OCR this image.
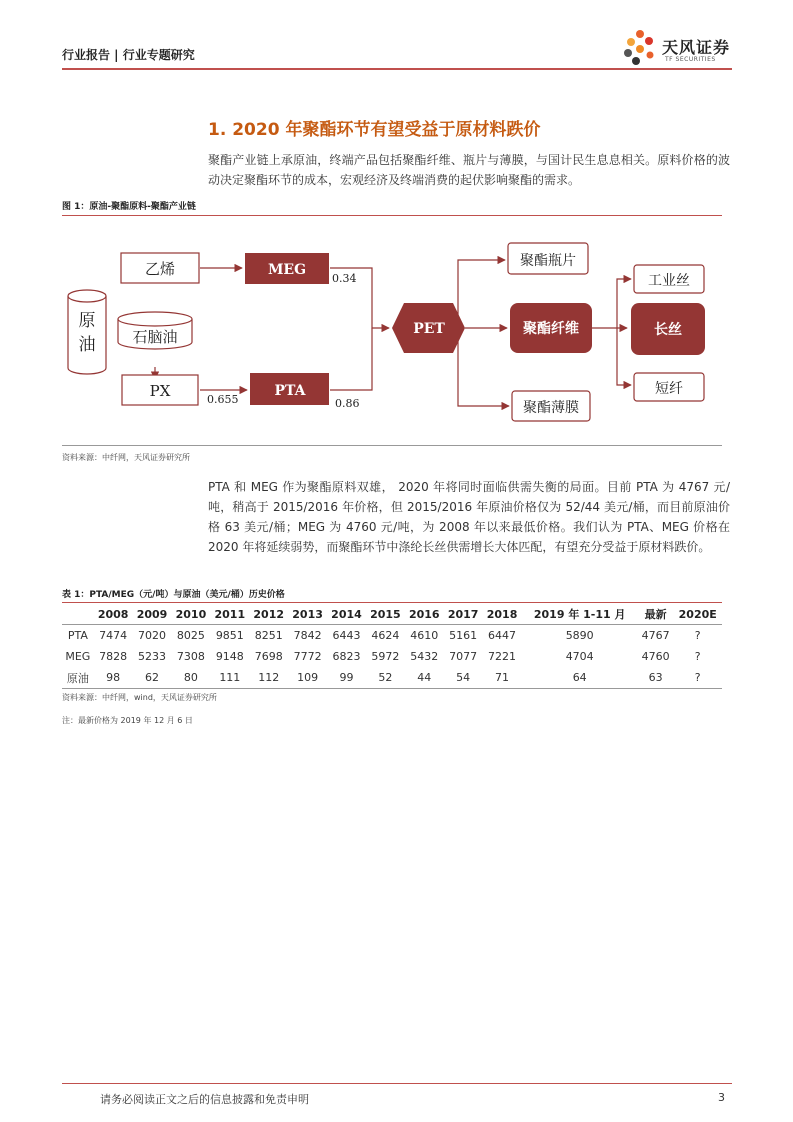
行业报告 | 行业专题研究	天风证券
TF SECURITIES
1. 2020 年聚酯环节有望受益于原材料跌价
聚酯产业链上承原油，终端产品包括聚酯纤维、瓶片与薄膜，与国计民生息息相关。原料价格的波动决定聚酯环节的成本，宏观经济及终端消费的起伏影响聚酯的需求。
图 1：原油-聚酯原料-聚酯产业链
原
油 石脑油
乙烯
PX
MEG
PTA
0.34
0.86
0.655
PET
聚酯瓶片
聚酯纤维
聚酯薄膜
工业丝
长丝
短纤
资料来源：中纤网，天风证券研究所
PTA 和 MEG 作为聚酯原料双雄， 2020 年将同时面临供需失衡的局面。目前 PTA 为 4767 元/吨，稍高于 2015/2016 年价格，但 2015/2016 年原油价格仅为 52/44 美元/桶，而目前原油价格 63 美元/桶；MEG 为 4760 元/吨，为 2008 年以来最低价格。我们认为 PTA、MEG 价格在 2020 年将延续弱势，而聚酯环节中涤纶长丝供需增长大体匹配，有望充分受益于原材料跌价。
表 1：PTA/MEG（元/吨）与原油（美元/桶）历史价格
	2008	2009	2010	2011	2012	2013	2014	2015	2016	2017	2018	2019 年 1-11 月	最新	2020E
PTA	7474	7020	8025	9851	8251	7842	6443	4624	4610	5161	6447	5890	4767	?
MEG	7828	5233	7308	9148	7698	7772	6823	5972	5432	7077	7221	4704	4760	?
原油	98	62	80	111	112	109	99	52	44	54	71	64	63	?
资料来源：中纤网，wind，天风证券研究所
注：最新价格为 2019 年 12 月 6 日
请务必阅读正文之后的信息披露和免责申明	3
